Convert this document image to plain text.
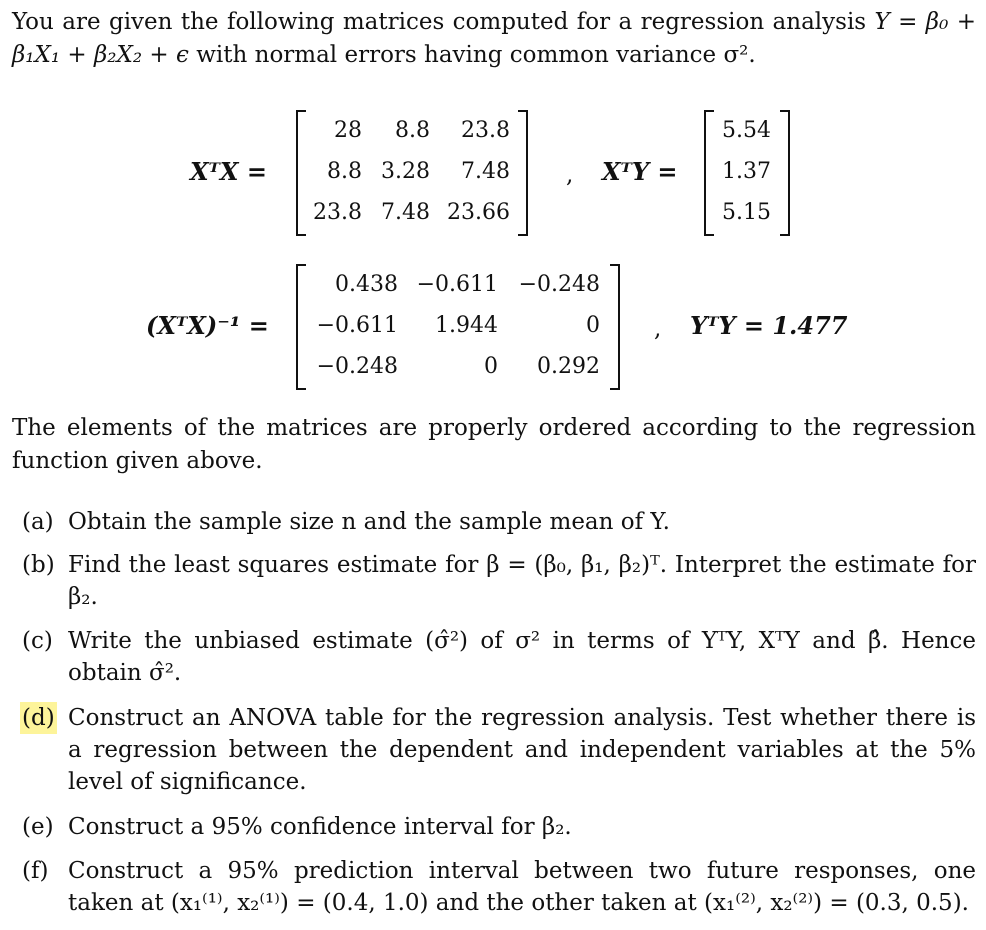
You are given the following matrices computed for a regression analysis Y = β₀ + β₁X₁ + β₂X₂ + ϵ with normal errors having common variance σ².
XᵀX =
28 8.8 23.8
8.8 3.28 7.48
23.8 7.48 23.66
, XᵀY =
5.54
1.37
5.15
(XᵀX)⁻¹ =
0.438 −0.611 −0.248
−0.611 1.944	0
−0.248	0 0.292
, YᵀY = 1.477
The elements of the matrices are properly ordered according to the regression function given above.
(a) Obtain the sample size n and the sample mean of Y.
(b) Find the least squares estimate for β = (β₀, β₁, β₂)ᵀ. Interpret the estimate for β₂.
(c) Write the unbiased estimate (σ̂²) of σ² in terms of YᵀY, XᵀY and β̂. Hence obtain σ̂².
(d) Construct an ANOVA table for the regression analysis. Test whether there is a regression between the dependent and independent variables at the 5% level of significance.
(e) Construct a 95% confidence interval for β₂.
(f) Construct a 95% prediction interval between two future responses, one taken at (x₁⁽¹⁾, x₂⁽¹⁾) = (0.4, 1.0) and the other taken at (x₁⁽²⁾, x₂⁽²⁾) = (0.3, 0.5).
